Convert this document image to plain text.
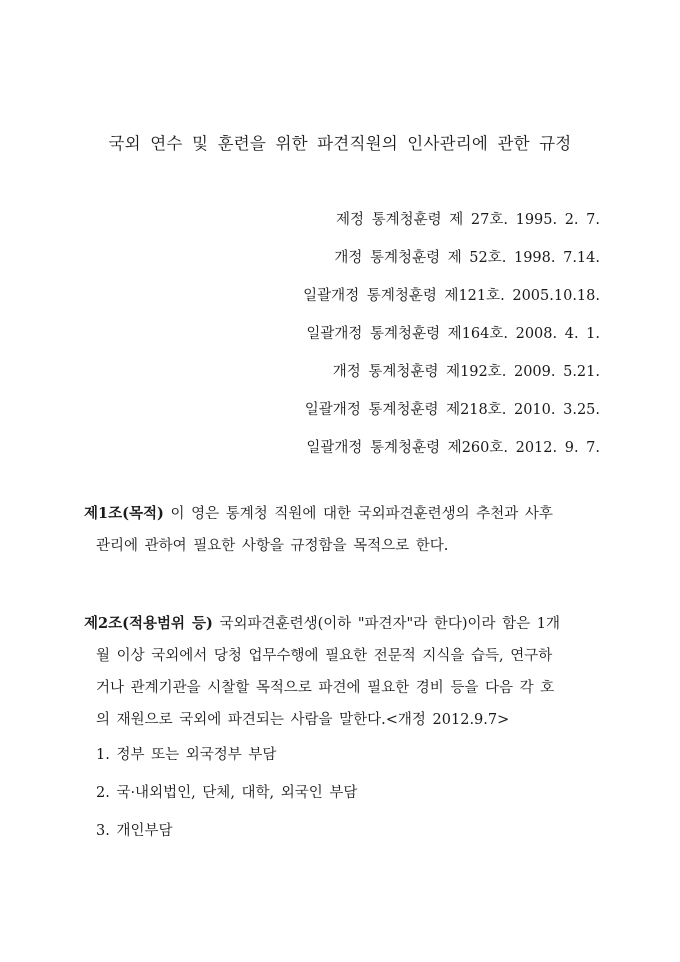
국외 연수 및 훈련을 위한 파견직원의 인사관리에 관한 규정
제정 통계청훈령 제 27호. 1995. 2. 7.
개정 통계청훈령 제 52호. 1998. 7.14.
일괄개정 통계청훈령 제121호. 2005.10.18.
일괄개정 통계청훈령 제164호. 2008. 4. 1.
개정 통계청훈령 제192호. 2009. 5.21.
일괄개정 통계청훈령 제218호. 2010. 3.25.
일괄개정 통계청훈령 제260호. 2012. 9. 7.
제1조(목적) 이 영은 통계청 직원에 대한 국외파견훈련생의 추천과 사후
관리에 관하여 필요한 사항을 규정함을 목적으로 한다.
제2조(적용범위 등) 국외파견훈련생(이하 "파견자"라 한다)이라 함은 1개
월 이상 국외에서 당청 업무수행에 필요한 전문적 지식을 습득, 연구하
거나 관계기관을 시찰할 목적으로 파견에 필요한 경비 등을 다음 각 호
의 재원으로 국외에 파견되는 사람을 말한다.<개정 2012.9.7>
1. 정부 또는 외국정부 부담
2. 국·내외법인, 단체, 대학, 외국인 부담
3. 개인부담
